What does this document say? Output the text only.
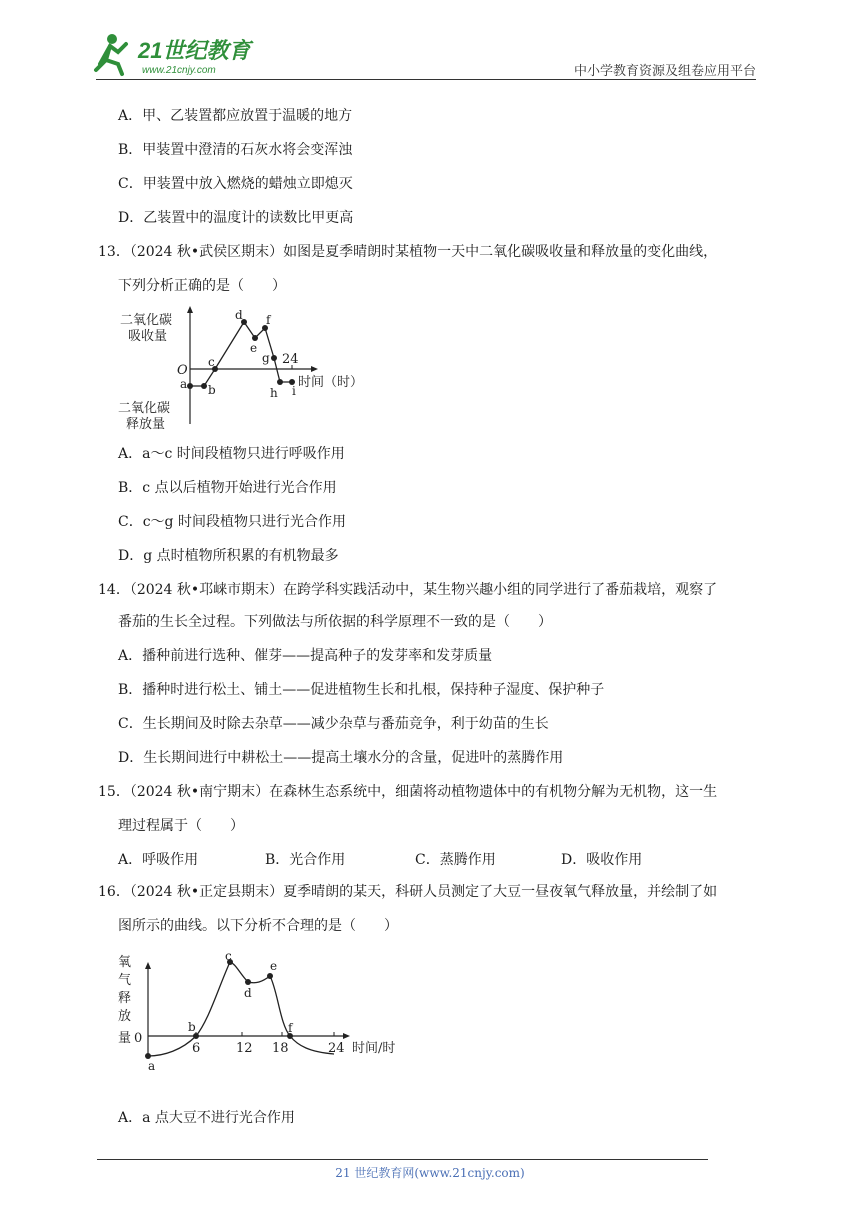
21世纪教育
www.21cnjy.com	中小学教育资源及组卷应用平台
A．甲、乙装置都应放置于温暖的地方
B．甲装置中澄清的石灰水将会变浑浊
C．甲装置中放入燃烧的蜡烛立即熄灭
D．乙装置中的温度计的读数比甲更高
13．（2024 秋•武侯区期末）如图是夏季晴朗时某植物一天中二氧化碳吸收量和释放量的变化曲线，
下列分析正确的是（　　）
二氧化碳
吸收量
二氧化碳
释放量
O
24
时间（时）
a b
c
d
e
f
g
h i
A．a～c 时间段植物只进行呼吸作用
B．c 点以后植物开始进行光合作用
C．c～g 时间段植物只进行光合作用
D．g 点时植物所积累的有机物最多
14．（2024 秋•邛崃市期末）在跨学科实践活动中，某生物兴趣小组的同学进行了番茄栽培，观察了
番茄的生长全过程。下列做法与所依据的科学原理不一致的是（　　）
A．播种前进行选种、催芽——提高种子的发芽率和发芽质量
B．播种时进行松土、铺土——促进植物生长和扎根，保持种子湿度、保护种子
C．生长期间及时除去杂草——减少杂草与番茄竞争，利于幼苗的生长
D．生长期间进行中耕松土——提高土壤水分的含量，促进叶的蒸腾作用
15．（2024 秋•南宁期末）在森林生态系统中，细菌将动植物遗体中的有机物分解为无机物，这一生
理过程属于（　　）
A．呼吸作用	B．光合作用	C．蒸腾作用	D．吸收作用
16．（2024 秋•正定县期末）夏季晴朗的某天，科研人员测定了大豆一昼夜氧气释放量，并绘制了如
图所示的曲线。以下分析不合理的是（　　）
氧
气
释
放
量 0
6	12 18	24 时间/时
a
b
c
d
e
f
A．a 点大豆不进行光合作用
21 世纪教育网(www.21cnjy.com)
